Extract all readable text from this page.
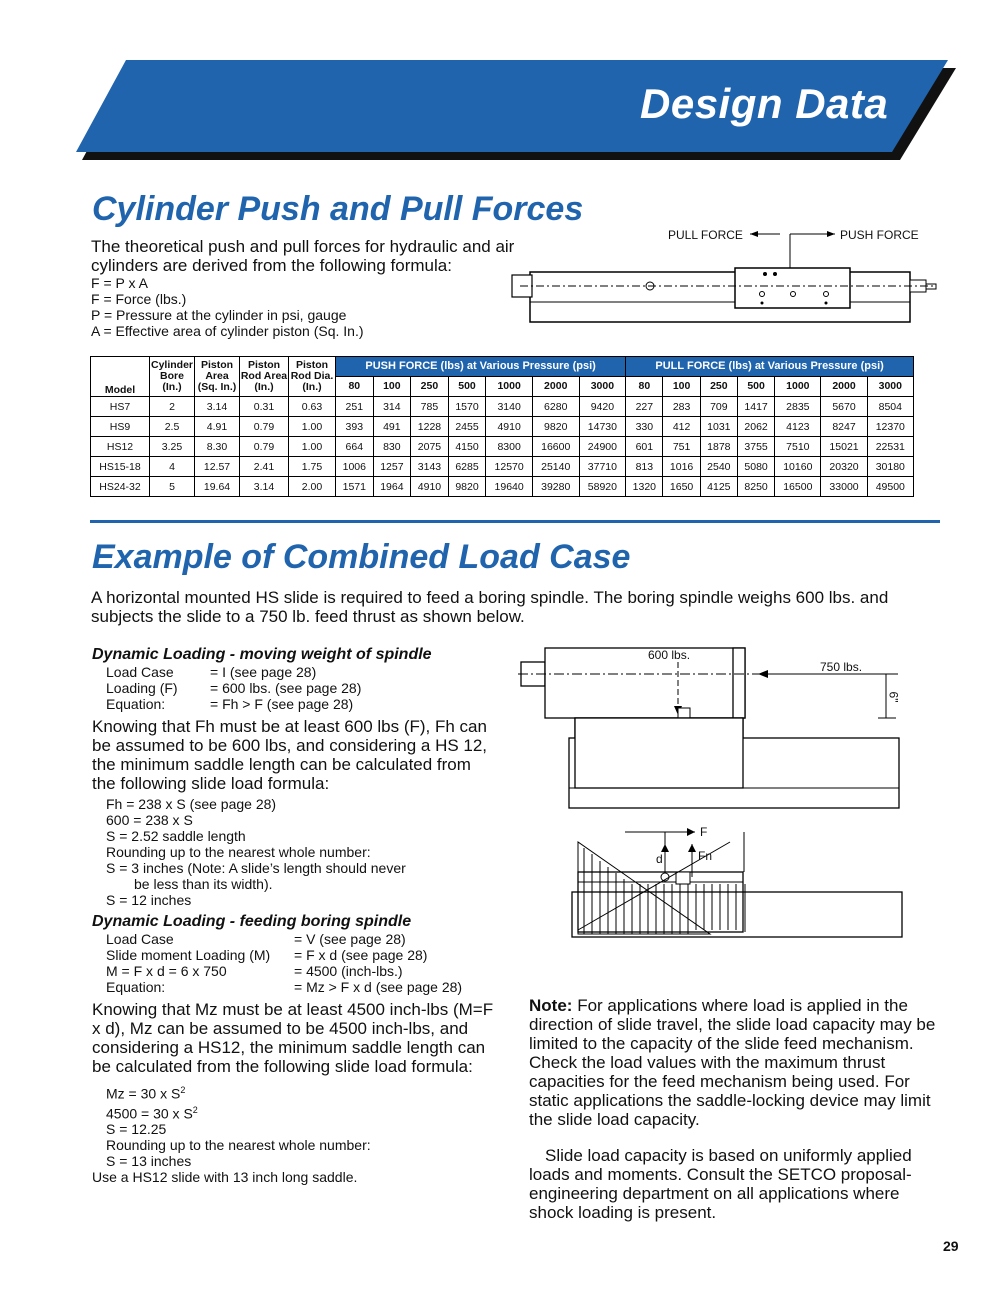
Design Data
Cylinder Push and Pull Forces
The theoretical push and pull forces for hydraulic and air cylinders are derived from the following formula:
F = P x A
F = Force (lbs.)
P = Pressure at the cylinder in psi, gauge
A = Effective area of cylinder piston (Sq. In.)
PULL FORCE	PUSH FORCE
Model	Cylinder Bore (In.)	Piston Area (Sq. In.)	Piston Rod Area (In.)	Piston Rod Dia. (In.)	PUSH FORCE (lbs) at Various Pressure (psi)							PULL FORCE (lbs) at Various Pressure (psi)						
					80	100	250	500	1000	2000	3000	80	100	250	500	1000	2000	3000
HS7	2	3.14	0.31	0.63	251	314	785	1570	3140	6280	9420	227	283	709	1417	2835	5670	8504
HS9	2.5	4.91	0.79	1.00	393	491	1228	2455	4910	9820	14730	330	412	1031	2062	4123	8247	12370
HS12	3.25	8.30	0.79	1.00	664	830	2075	4150	8300	16600	24900	601	751	1878	3755	7510	15021	22531
HS15-18	4	12.57	2.41	1.75	1006	1257	3143	6285	12570	25140	37710	813	1016	2540	5080	10160	20320	30180
HS24-32	5	19.64	3.14	2.00	1571	1964	4910	9820	19640	39280	58920	1320	1650	4125	8250	16500	33000	49500
Example of Combined Load Case
A horizontal mounted HS slide is required to feed a boring spindle. The boring spindle weighs 600 lbs. and subjects the slide to a 750 lb. feed thrust as shown below.
Dynamic Loading - moving weight of spindle
Load Case	= I (see page 28)
Loading (F)	= 600 lbs. (see page 28)
Equation:	= Fh > F (see page 28)
Knowing that Fh must be at least 600 lbs (F), Fh can be assumed to be 600 lbs, and considering a HS 12, the minimum saddle length can be calculated from the following slide load formula:
Fh = 238 x S (see page 28)
600 = 238 x S
S = 2.52 saddle length
Rounding up to the nearest whole number:
S = 3 inches (Note: A slide’s length should never
be less than its width).
S = 12 inches
Dynamic Loading - feeding boring spindle
Load Case	= V (see page 28)
Slide moment Loading (M)	= F x d (see page 28)
M = F x d = 6 x 750	= 4500 (inch-lbs.)
Equation:	= Mz > F x d (see page 28)
Knowing that Mz must be at least 4500 inch-lbs (M=F x d), Mz can be assumed to be 4500 inch-lbs, and considering a HS12, the minimum saddle length can be calculated from the following slide load formula:
Mz = 30 x $S^2$
4500 = 30 x $S^2$
S = 12.25
Rounding up to the nearest whole number:
S = 13 inches
Use a HS12 slide with 13 inch long saddle.
600 lbs.
750 lbs.
6"
F
d	Fn
Note: For applications where load is applied in the direction of slide travel, the slide load capacity may be limited to the capacity of the slide feed mechanism. Check the load values with the maximum thrust capacities for the feed mechanism being used. For static applications the saddle-locking device may limit the slide load capacity.
Slide load capacity is based on uniformly applied loads and moments. Consult the SETCO proposal-engineering department on all applications where shock loading is present.
29
